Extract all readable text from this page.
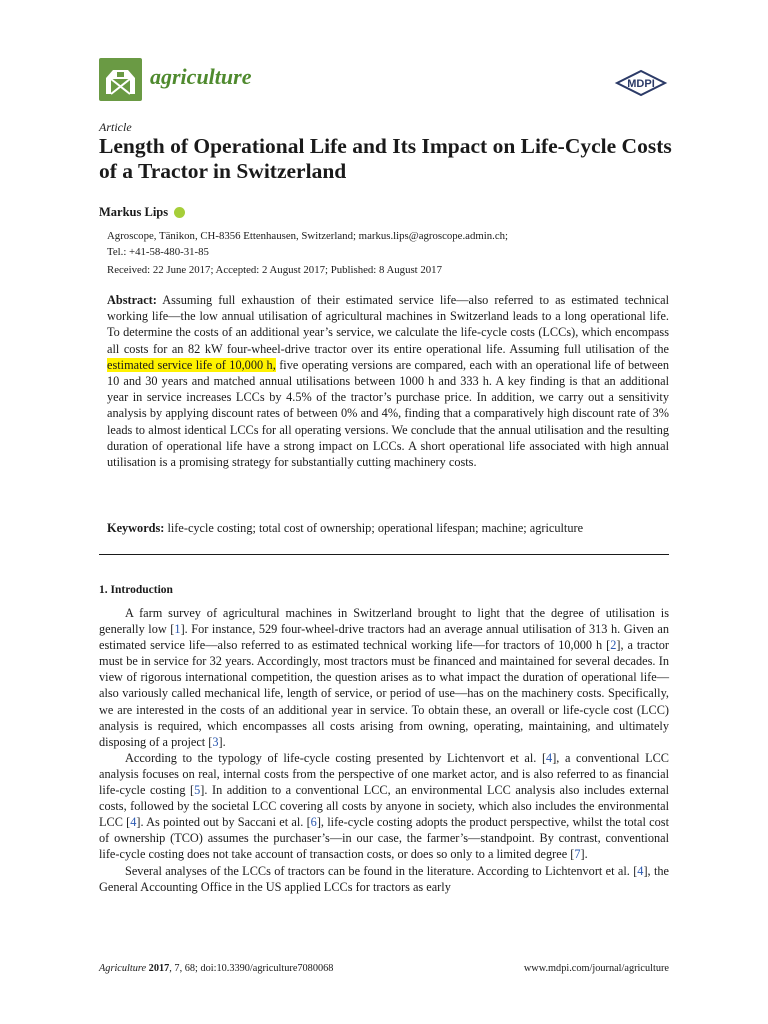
agriculture	MDPI
Article
Length of Operational Life and Its Impact on Life-Cycle Costs of a Tractor in Switzerland
Markus Lips
Agroscope, Tänikon, CH-8356 Ettenhausen, Switzerland; markus.lips@agroscope.admin.ch;
Tel.: +41-58-480-31-85
Received: 22 June 2017; Accepted: 2 August 2017; Published: 8 August 2017

Abstract: Assuming full exhaustion of their estimated service life—also referred to as estimated technical working life—the low annual utilisation of agricultural machines in Switzerland leads to a long operational life. To determine the costs of an additional year’s service, we calculate the life-cycle costs (LCCs), which encompass all costs for an 82 kW four-wheel-drive tractor over its entire operational life. Assuming full utilisation of the estimated service life of 10,000 h, five operating versions are compared, each with an operational life of between 10 and 30 years and matched annual utilisations between 1000 h and 333 h. A key finding is that an additional year in service increases LCCs by 4.5% of the tractor’s purchase price. In addition, we carry out a sensitivity analysis by applying discount rates of between 0% and 4%, finding that a comparatively high discount rate of 3% leads to almost identical LCCs for all operating versions. We conclude that the annual utilisation and the resulting duration of operational life have a strong impact on LCCs. A short operational life associated with high annual utilisation is a promising strategy for substantially cutting machinery costs.

Keywords: life-cycle costing; total cost of ownership; operational lifespan; machine; agriculture
1. Introduction

A farm survey of agricultural machines in Switzerland brought to light that the degree of utilisation is generally low [1]. For instance, 529 four-wheel-drive tractors had an average annual utilisation of 313 h. Given an estimated service life—also referred to as estimated technical working life—for tractors of 10,000 h [2], a tractor must be in service for 32 years. Accordingly, most tractors must be financed and maintained for several decades. In view of rigorous international competition, the question arises as to what impact the duration of operational life—also variously called mechanical life, length of service, or period of use—has on the machinery costs. Specifically, we are interested in the costs of an additional year in service. To obtain these, an overall or life-cycle cost (LCC) analysis is required, which encompasses all costs arising from owning, operating, maintaining, and ultimately disposing of a project [3].

According to the typology of life-cycle costing presented by Lichtenvort et al. [4], a conventional LCC analysis focuses on real, internal costs from the perspective of one market actor, and is also referred to as financial life-cycle costing [5]. In addition to a conventional LCC, an environmental LCC analysis also includes external costs, followed by the societal LCC covering all costs by anyone in society, which also includes the environmental LCC [4]. As pointed out by Saccani et al. [6], life-cycle costing adopts the product perspective, whilst the total cost of ownership (TCO) assumes the purchaser’s—in our case, the farmer’s—standpoint. By contrast, conventional life-cycle costing does not take account of transaction costs, or does so only to a limited degree [7].

Several analyses of the LCCs of tractors can be found in the literature. According to Lichtenvort et al. [4], the General Accounting Office in the US applied LCCs for tractors as early

Agriculture 2017, 7, 68; doi:10.3390/agriculture7080068	www.mdpi.com/journal/agriculture
